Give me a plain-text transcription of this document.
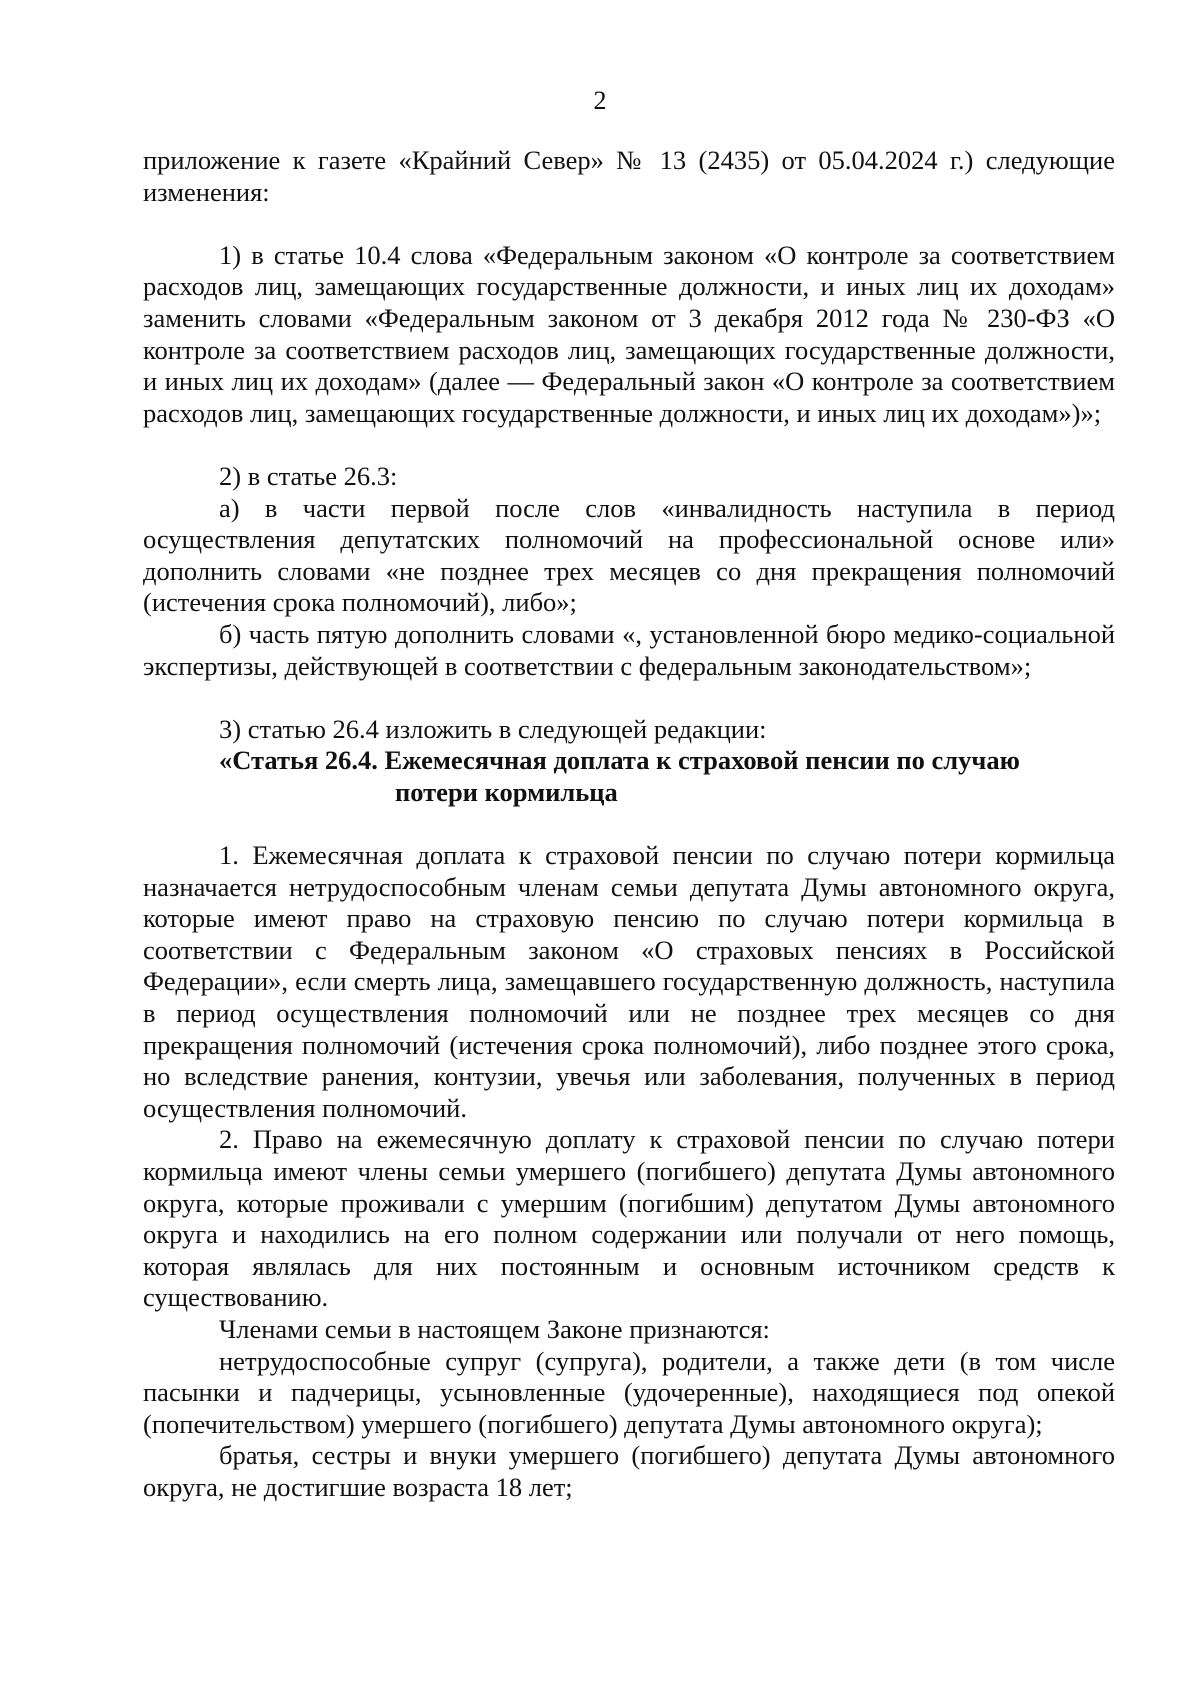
2

приложение к газете «Крайний Север» № 13 (2435) от 05.04.2024 г.) следующие изменения:

1) в статье 10.4 слова «Федеральным законом «О контроле за соответствием расходов лиц, замещающих государственные должности, и иных лиц их доходам» заменить словами «Федеральным законом от 3 декабря 2012 года № 230-ФЗ «О контроле за соответствием расходов лиц, замещающих государственные должности, и иных лиц их доходам» (далее — Федеральный закон «О контроле за соответствием расходов лиц, замещающих государственные должности, и иных лиц их доходам»)»;

2) в статье 26.3:

а) в части первой после слов «инвалидность наступила в период осуществления депутатских полномочий на профессиональной основе или» дополнить словами «не позднее трех месяцев со дня прекращения полномочий (истечения срока полномочий), либо»;

б) часть пятую дополнить словами «, установленной бюро медико-социальной экспертизы, действующей в соответствии с федеральным законодательством»;

3) статью 26.4 изложить в следующей редакции:

«Статья 26.4. Ежемесячная доплата к страховой пенсии по случаю
потери кормильца

1. Ежемесячная доплата к страховой пенсии по случаю потери кормильца назначается нетрудоспособным членам семьи депутата Думы автономного округа, которые имеют право на страховую пенсию по случаю потери кормильца в соответствии с Федеральным законом «О страховых пенсиях в Российской Федерации», если смерть лица, замещавшего государственную должность, наступила в период осуществления полномочий или не позднее трех месяцев со дня прекращения полномочий (истечения срока полномочий), либо позднее этого срока, но вследствие ранения, контузии, увечья или заболевания, полученных в период осуществления полномочий.

2. Право на ежемесячную доплату к страховой пенсии по случаю потери кормильца имеют члены семьи умершего (погибшего) депутата Думы автономного округа, которые проживали с умершим (погибшим) депутатом Думы автономного округа и находились на его полном содержании или получали от него помощь, которая являлась для них постоянным и основным источником средств к существованию.

Членами семьи в настоящем Законе признаются:

нетрудоспособные супруг (супруга), родители, а также дети (в том числе пасынки и падчерицы, усыновленные (удочеренные), находящиеся под опекой (попечительством) умершего (погибшего) депутата Думы автономного округа);

братья, сестры и внуки умершего (погибшего) депутата Думы автономного округа, не достигшие возраста 18 лет;
